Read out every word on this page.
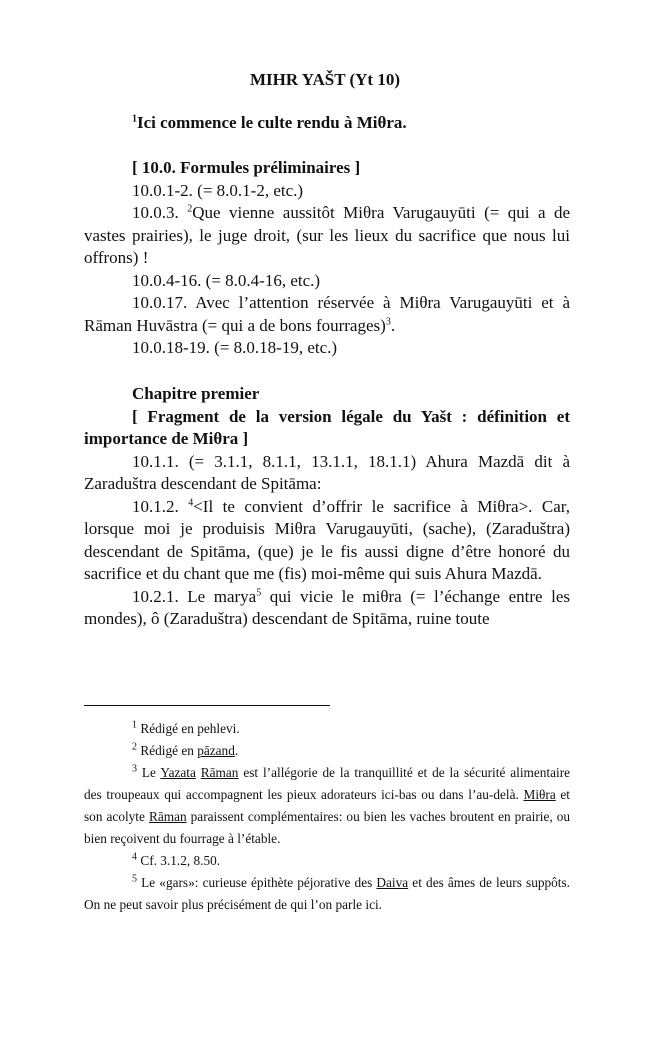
MIHR YAŠT (Yt 10)

$^1$Ici commence le culte rendu à Miθra.

[ 10.0. Formules préliminaires ]

10.0.1-2. (= 8.0.1-2, etc.)

10.0.3. $^2$Que vienne aussitôt Miθra Varugauyūti (= qui a de vastes prairies), le juge droit, (sur les lieux du sacrifice que nous lui offrons) !

10.0.4-16. (= 8.0.4-16, etc.)

10.0.17. Avec l’attention réservée à Miθra Varugauyūti et à Rāman Huvāstra (= qui a de bons fourrages)$^3$.

10.0.18-19. (= 8.0.18-19, etc.)

Chapitre premier

[ Fragment de la version légale du Yašt : définition et importance de Miθra ]

10.1.1. (= 3.1.1, 8.1.1, 13.1.1, 18.1.1) Ahura Mazdā dit à Zaraduštra descendant de Spitāma:

10.1.2. $^4$<Il te convient d’offrir le sacrifice à Miθra>. Car, lorsque moi je produisis Miθra Varugauyūti, (sache), (Zaraduštra) descendant de Spitāma, (que) je le fis aussi digne d’être honoré du sacrifice et du chant que me (fis) moi-même qui suis Ahura Mazdā.

10.2.1. Le marya$^5$ qui vicie le miθra (= l’échange entre les mondes), ô (Zaraduštra) descendant de Spitāma, ruine toute

$^1$ Rédigé en pehlevi.

$^2$ Rédigé en pāzand.

$^3$ Le Yazata Rāman est l’allégorie de la tranquillité et de la sécurité alimentaire des troupeaux qui accompagnent les pieux adorateurs ici-bas ou dans l’au-delà. Miθra et son acolyte Rāman paraissent complémentaires: ou bien les vaches broutent en prairie, ou bien reçoivent du fourrage à l’étable.

$^4$ Cf. 3.1.2, 8.50.

$^5$ Le «gars»: curieuse épithète péjorative des Daiva et des âmes de leurs suppôts. On ne peut savoir plus précisément de qui l’on parle ici.
